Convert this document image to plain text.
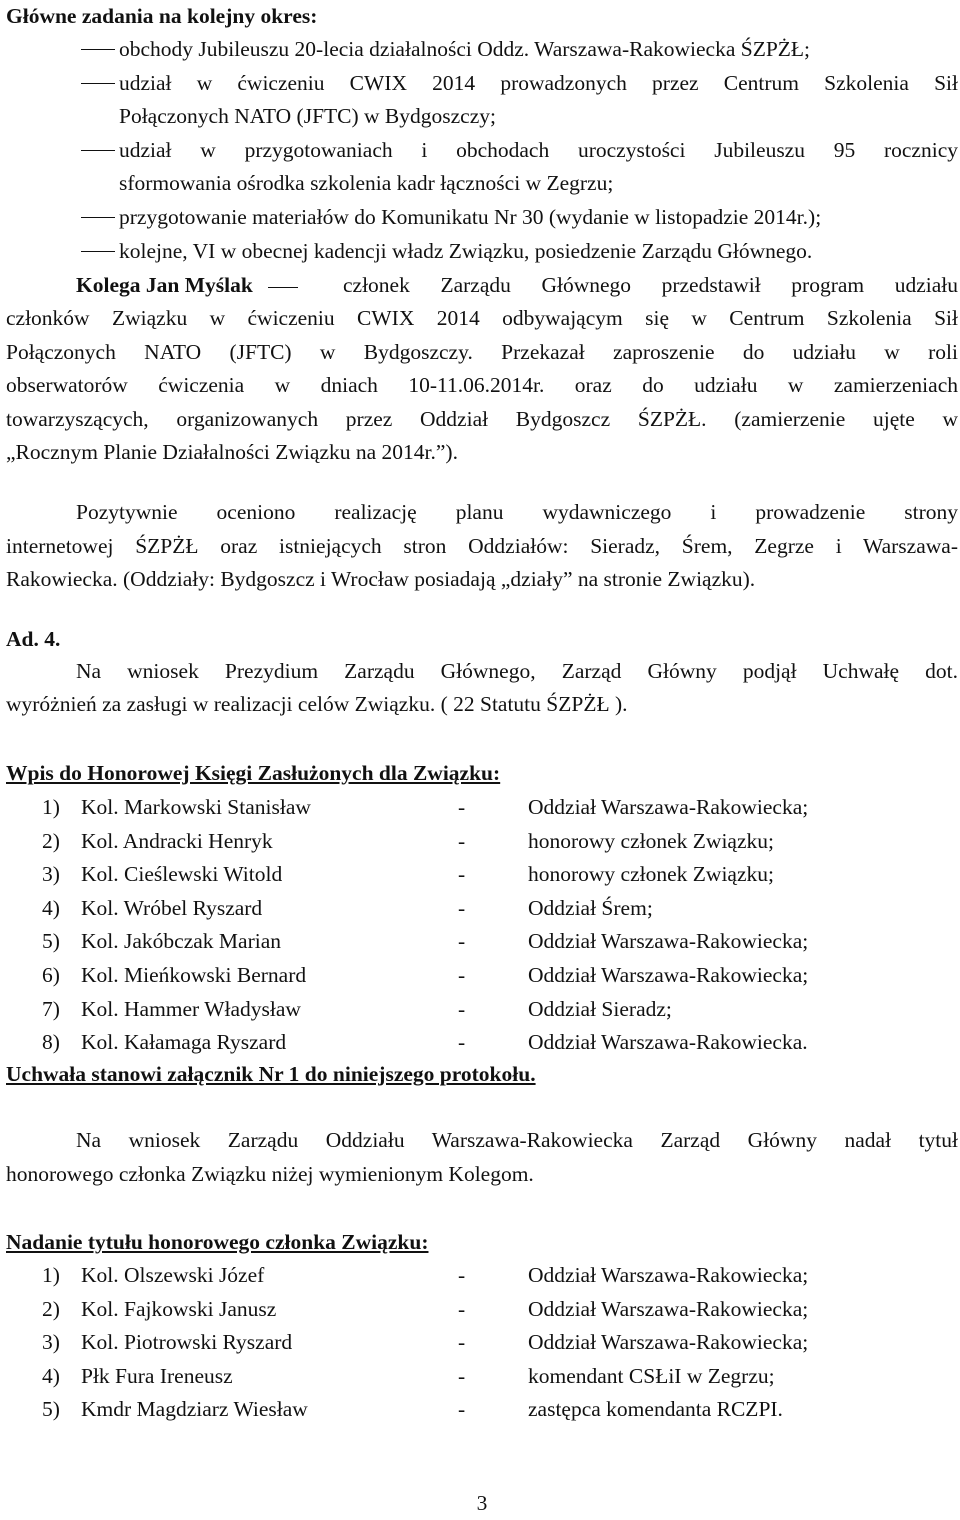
Główne zadania na kolejny okres:
obchody Jubileuszu 20-lecia działalności Oddz. Warszawa-Rakowiecka ŚZPŻŁ;
udział w ćwiczeniu CWIX 2014 prowadzonych przez Centrum Szkolenia Sił
Połączonych NATO (JFTC) w Bydgoszczy;
udział w przygotowaniach i obchodach uroczystości Jubileuszu 95 rocznicy
sformowania ośrodka szkolenia kadr łączności w Zegrzu;
przygotowanie materiałów do Komunikatu Nr 30 (wydanie w listopadzie 2014r.);
kolejne, VI w obecnej kadencji władz Związku, posiedzenie Zarządu Głównego.
Kolega Jan Myślak	członek Zarządu Głównego przedstawił program udziału
członków Związku w ćwiczeniu CWIX 2014 odbywającym się w Centrum Szkolenia Sił
Połączonych NATO (JFTC) w Bydgoszczy. Przekazał zaproszenie do udziału w roli
obserwatorów ćwiczenia w dniach 10-11.06.2014r. oraz do udziału w zamierzeniach
towarzyszących, organizowanych przez Oddział Bydgoszcz ŚZPŻŁ. (zamierzenie ujęte w
„Rocznym Planie Działalności Związku na 2014r.”).
Pozytywnie oceniono realizację planu wydawniczego i prowadzenie strony
internetowej ŚZPŻŁ oraz istniejących stron Oddziałów: Sieradz, Śrem, Zegrze i Warszawa-
Rakowiecka. (Oddziały: Bydgoszcz i Wrocław posiadają „działy” na stronie Związku).
Ad. 4.
Na wniosek Prezydium Zarządu Głównego, Zarząd Główny podjął Uchwałę dot.
wyróżnień za zasługi w realizacji celów Związku. ( 22 Statutu ŚZPŻŁ ).
Wpis do Honorowej Księgi Zasłużonych dla Związku:
1) Kol. Markowski Stanisław	-	Oddział Warszawa-Rakowiecka;
2) Kol. Andracki Henryk	-	honorowy członek Związku;
3) Kol. Cieślewski Witold	-	honorowy członek Związku;
4) Kol. Wróbel Ryszard	-	Oddział Śrem;
5) Kol. Jakóbczak Marian	-	Oddział Warszawa-Rakowiecka;
6) Kol. Mieńkowski Bernard	-	Oddział Warszawa-Rakowiecka;
7) Kol. Hammer Władysław	-	Oddział Sieradz;
8) Kol. Kałamaga Ryszard	-	Oddział Warszawa-Rakowiecka.
Uchwała stanowi załącznik Nr 1 do niniejszego protokołu.
Na wniosek Zarządu Oddziału Warszawa-Rakowiecka Zarząd Główny nadał tytuł
honorowego członka Związku niżej wymienionym Kolegom.
Nadanie tytułu honorowego członka Związku:
1) Kol. Olszewski Józef	-	Oddział Warszawa-Rakowiecka;
2) Kol. Fajkowski Janusz	-	Oddział Warszawa-Rakowiecka;
3) Kol. Piotrowski Ryszard	-	Oddział Warszawa-Rakowiecka;
4) Płk Fura Ireneusz	-	komendant CSŁiI w Zegrzu;
5) Kmdr Magdziarz Wiesław	-	zastępca komendanta RCZPI.
3
